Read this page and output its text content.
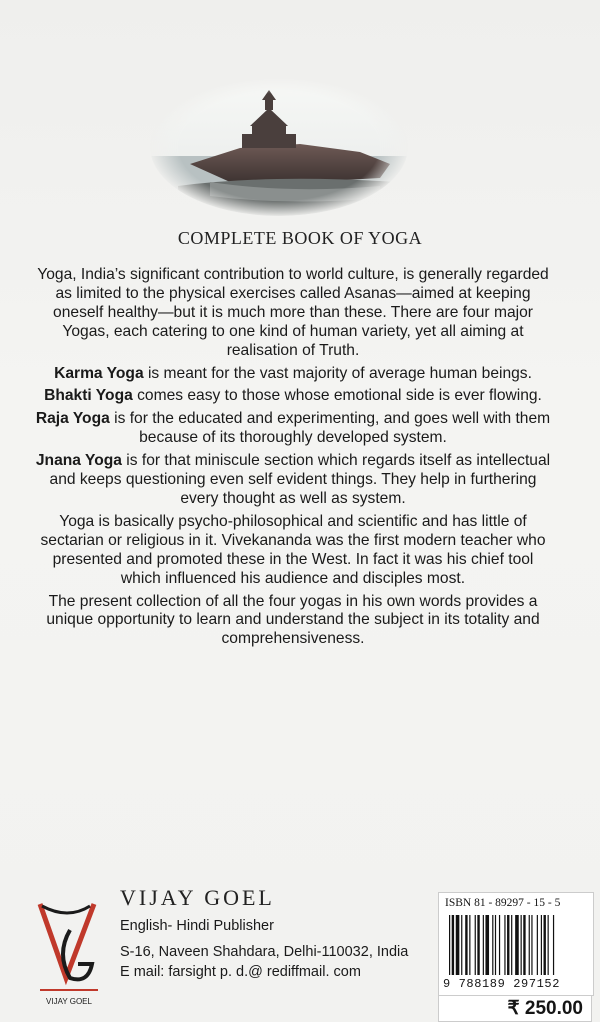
COMPLETE BOOK OF YOGA

Yoga, India’s significant contribution to world culture, is generally regarded as limited to the physical exercises called Asanas—aimed at keeping oneself healthy—but it is much more than these. There are four major Yogas, each catering to one kind of human variety, yet all aiming at realisation of Truth.

Karma Yoga is meant for the vast majority of average human beings.

Bhakti Yoga comes easy to those whose emotional side is ever flowing.

Raja Yoga is for the educated and experimenting, and goes well with them because of its thoroughly developed system.

Jnana Yoga is for that miniscule section which regards itself as intellectual and keeps questioning even self evident things. They help in furthering every thought as well as system.

Yoga is basically psycho-philosophical and scientific and has little of sectarian or religious in it. Vivekananda was the first modern teacher who presented and promoted these in the West. In fact it was his chief tool which influenced his audience and disciples most.

The present collection of all the four yogas in his own words provides a unique opportunity to learn and understand the subject in its totality and comprehensiveness.

VIJAY GOEL
VIJAY GOEL
English- Hindi Publisher
S-16, Naveen Shahdara, Delhi-110032, India
E mail: farsight p. d.@ rediffmail. com
ISBN 81 - 89297 - 15 - 5
9 788189 297152
₹ 250.00
